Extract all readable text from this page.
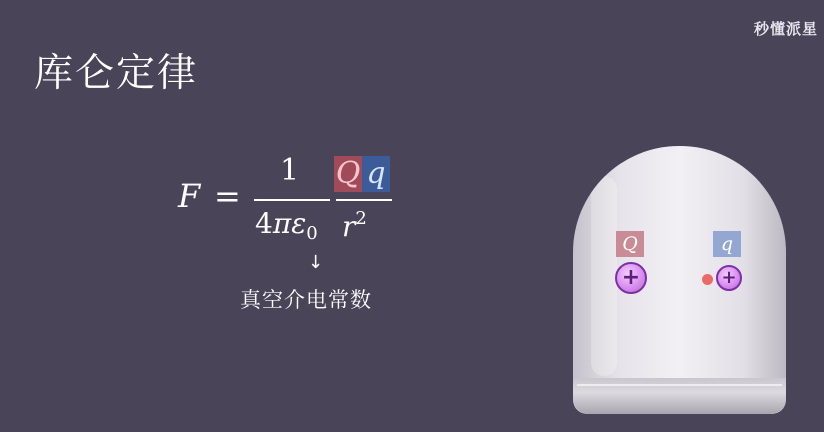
秒懂派星
库仑定律
F =
1
$4\pi\varepsilon_0$
Q q
$r^2$
↓
真空介电常数
Q	q
+	+
